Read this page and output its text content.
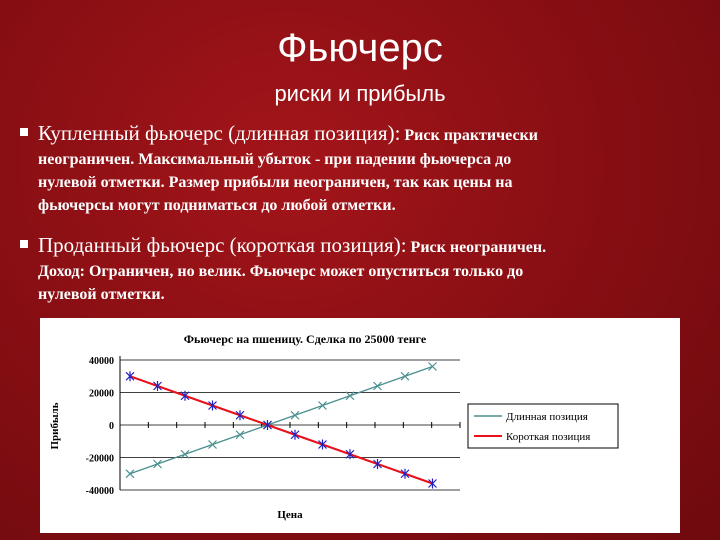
Фьючерс
риски и прибыль
Купленный фьючерс (длинная позиция): Риск практически
неограничен. Максимальный убыток - при падении фьючерса до
нулевой отметки. Размер прибыли неограничен, так как цены на
фьючерсы могут подниматься до любой отметки.
Проданный фьючерс (короткая позиция): Риск неограничен.
Доход: Ограничен, но велик. Фьючерс может опуститься только до
нулевой отметки.
Фьючерс на пшеницу. Сделка по 25000 тенге
Прибыль
Цена
40000
20000
0
-20000
-40000
Длинная позиция
Короткая позиция
